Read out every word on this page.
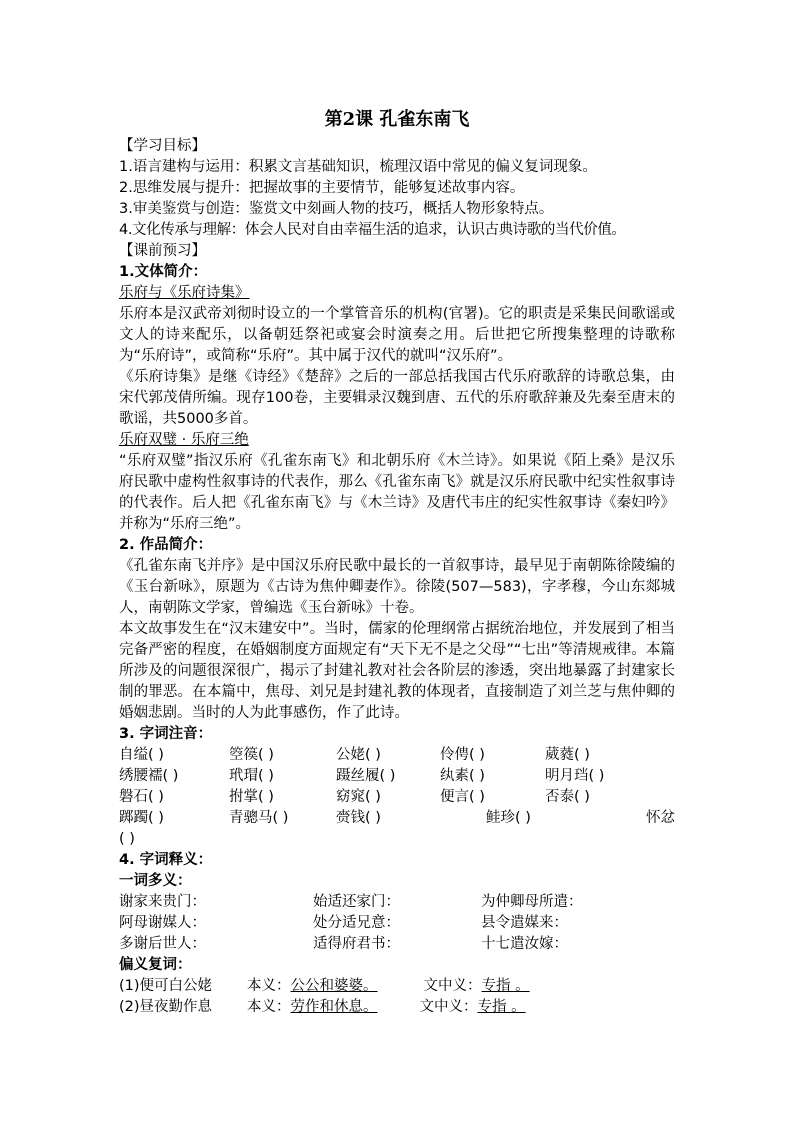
第2课 孔雀东南飞
【学习目标】
1.语言建构与运用：积累文言基础知识，梳理汉语中常见的偏义复词现象。
2.思维发展与提升：把握故事的主要情节，能够复述故事内容。
3.审美鉴赏与创造：鉴赏文中刻画人物的技巧，概括人物形象特点。
4.文化传承与理解：体会人民对自由幸福生活的追求，认识古典诗歌的当代价值。
【课前预习】
1.文体简介：
乐府与《乐府诗集》
乐府本是汉武帝刘彻时设立的一个掌管音乐的机构(官署)。它的职责是采集民间歌谣或文人的诗来配乐，以备朝廷祭祀或宴会时演奏之用。后世把它所搜集整理的诗歌称为“乐府诗”，或简称“乐府”。其中属于汉代的就叫“汉乐府”。
《乐府诗集》是继《诗经》《楚辞》之后的一部总括我国古代乐府歌辞的诗歌总集，由宋代郭茂倩所编。现存100卷，主要辑录汉魏到唐、五代的乐府歌辞兼及先秦至唐末的歌谣，共5000多首。
乐府双璧 · 乐府三绝
“乐府双璧”指汉乐府《孔雀东南飞》和北朝乐府《木兰诗》。如果说《陌上桑》是汉乐府民歌中虚构性叙事诗的代表作，那么《孔雀东南飞》就是汉乐府民歌中纪实性叙事诗的代表作。后人把《孔雀东南飞》与《木兰诗》及唐代韦庄的纪实性叙事诗《秦妇吟》并称为“乐府三绝”。
2. 作品简介：
《孔雀东南飞并序》是中国汉乐府民歌中最长的一首叙事诗，最早见于南朝陈徐陵编的《玉台新咏》，原题为《古诗为焦仲卿妻作》。徐陵(507—583)，字孝穆，今山东郯城人，南朝陈文学家，曾编选《玉台新咏》十卷。
本文故事发生在“汉末建安中”。当时，儒家的伦理纲常占据统治地位，并发展到了相当完备严密的程度，在婚姻制度方面规定有“天下无不是之父母”“七出”等清规戒律。本篇所涉及的问题很深很广，揭示了封建礼教对社会各阶层的渗透，突出地暴露了封建家长制的罪恶。在本篇中，焦母、刘兄是封建礼教的体现者，直接制造了刘兰芝与焦仲卿的婚姻悲剧。当时的人为此事感伤，作了此诗。
3. 字词注音：
自缢( )	箜篌( )	公姥( )	伶俜( )	葳蕤( )
绣腰襦( )	玳瑁( )	蹑丝履( )	纨素( )	明月珰( )
磐石( )	拊掌( )	窈窕( )	便言( )	否泰( )
踯躅( )	青骢马( )	赍钱( )	鲑珍( )	怀忿
( )
4. 字词释义：
一词多义：
谢家来贵门：	始适还家门：	为仲卿母所遣：
阿母谢媒人：	处分适兄意：	县令遣媒来：
多谢后世人：	适得府君书：	十七遣汝嫁：
偏义复词：
(1)便可白公姥	本义： 公公和婆婆。	文中义： 专指 。
(2)昼夜勤作息	本义： 劳作和休息。	文中义： 专指 。
